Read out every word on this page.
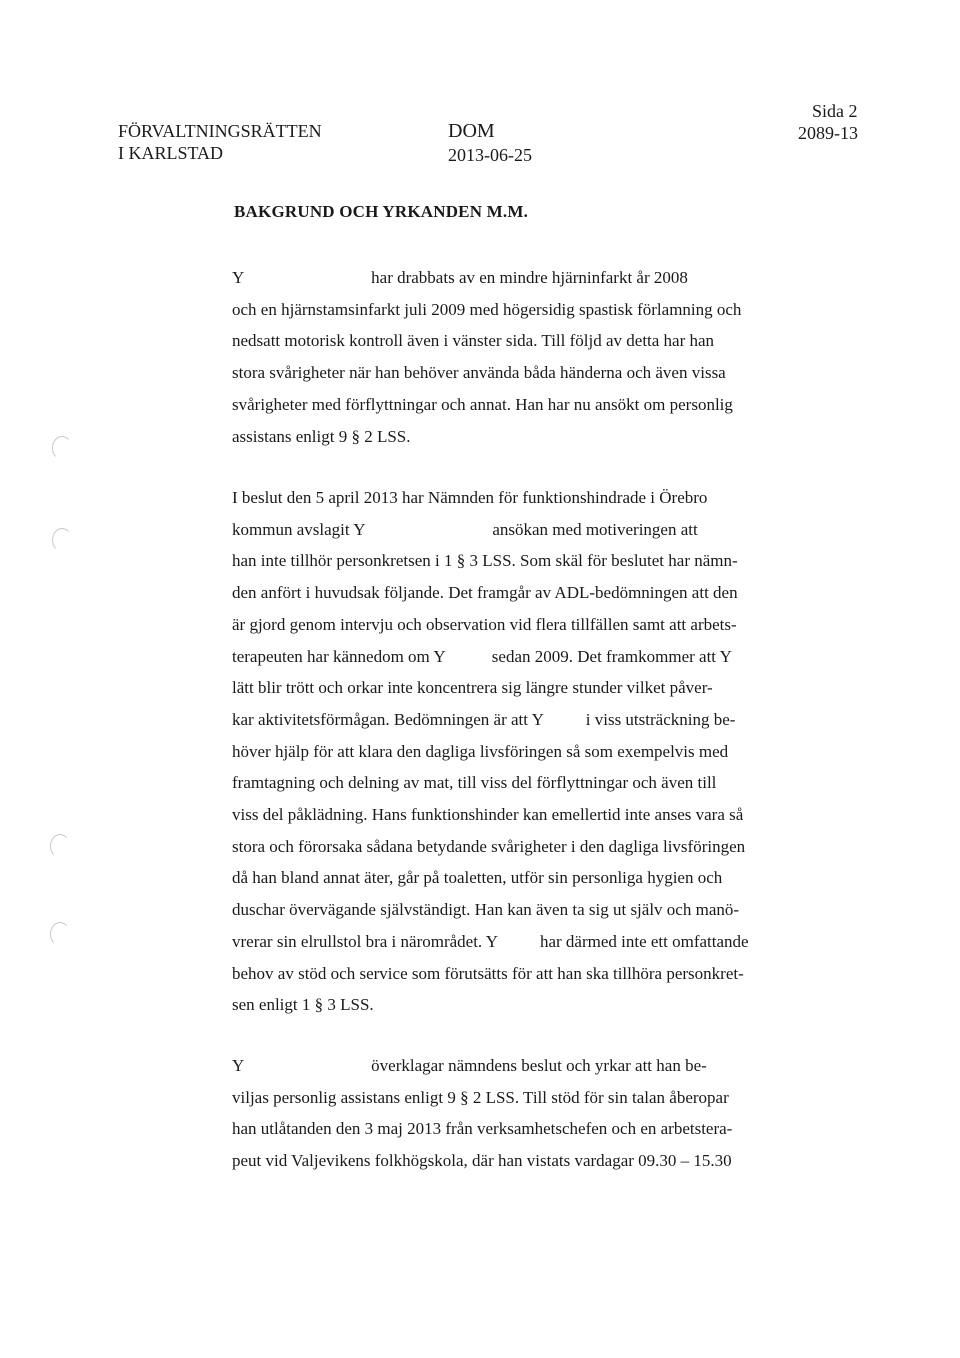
FÖRVALTNINGSRÄTTEN
I KARLSTAD
DOM
2013-06-25
Sida 2
2089-13
BAKGRUND OCH YRKANDEN M.M.
Y                              har drabbats av en mindre hjärninfarkt år 2008
och en hjärnstamsinfarkt juli 2009 med högersidig spastisk förlamning och
nedsatt motorisk kontroll även i vänster sida. Till följd av detta har han
stora svårigheter när han behöver använda båda händerna och även vissa
svårigheter med förflyttningar och annat. Han har nu ansökt om personlig
assistans enligt 9 § 2 LSS.
I beslut den 5 april 2013 har Nämnden för funktionshindrade i Örebro
kommun avslagit Y                              ansökan med motiveringen att
han inte tillhör personkretsen i 1 § 3 LSS. Som skäl för beslutet har nämn-
den anfört i huvudsak följande. Det framgår av ADL-bedömningen att den
är gjord genom intervju och observation vid flera tillfällen samt att arbets-
terapeuten har kännedom om Y           sedan 2009. Det framkommer att Y
lätt blir trött och orkar inte koncentrera sig längre stunder vilket påver-
kar aktivitetsförmågan. Bedömningen är att Y          i viss utsträckning be-
höver hjälp för att klara den dagliga livsföringen så som exempelvis med
framtagning och delning av mat, till viss del förflyttningar och även till
viss del påklädning. Hans funktionshinder kan emellertid inte anses vara så
stora och förorsaka sådana betydande svårigheter i den dagliga livsföringen
då han bland annat äter, går på toaletten, utför sin personliga hygien och
duschar övervägande självständigt. Han kan även ta sig ut själv och manö-
vrerar sin elrullstol bra i närområdet. Y          har därmed inte ett omfattande
behov av stöd och service som förutsätts för att han ska tillhöra personkret-
sen enligt 1 § 3 LSS.
Y                              överklagar nämndens beslut och yrkar att han be-
viljas personlig assistans enligt 9 § 2 LSS. Till stöd för sin talan åberopar
han utlåtanden den 3 maj 2013 från verksamhetschefen och en arbetstera-
peut vid Valjevikens folkhögskola, där han vistats vardagar 09.30 – 15.30
